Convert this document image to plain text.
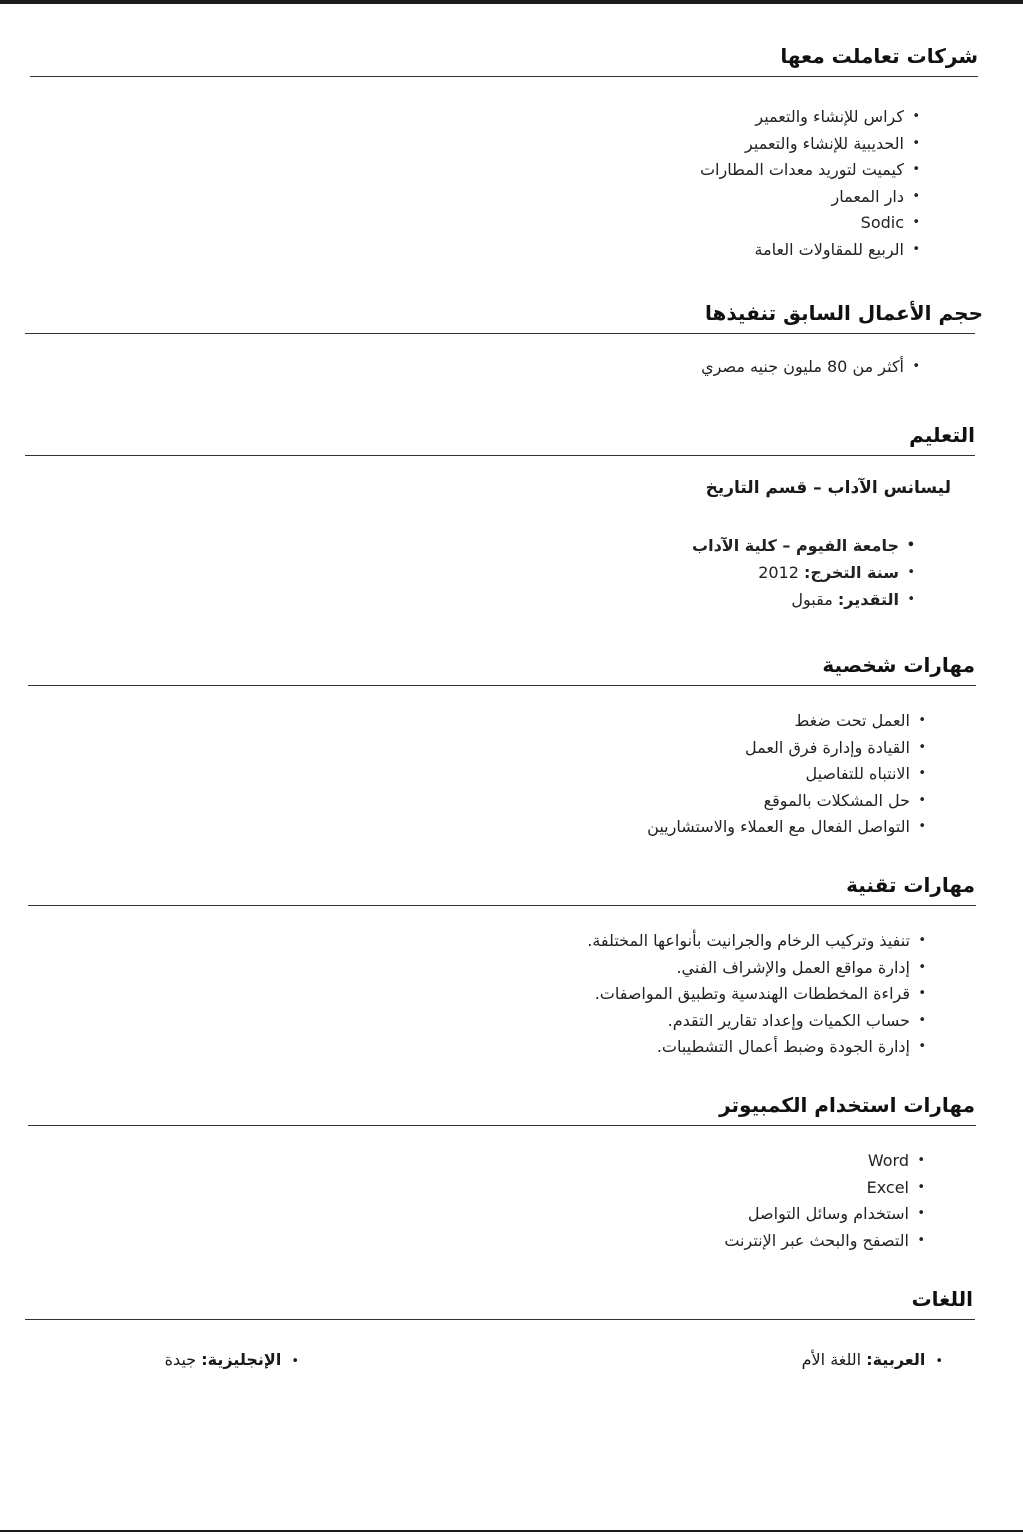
شركات تعاملت معها
• كراس للإنشاء والتعمير
• الحديبية للإنشاء والتعمير
• كيميت لتوريد معدات المطارات
• دار المعمار
• Sodic
• الربيع للمقاولات العامة
حجم الأعمال السابق تنفيذها
• أكثر من 80 مليون جنيه مصري
التعليم
ليسانس الآداب – قسم التاريخ
• جامعة الفيوم – كلية الآداب
• سنة التخرج: 2012
• التقدير: مقبول
مهارات شخصية
• العمل تحت ضغط
• القيادة وإدارة فرق العمل
• الانتباه للتفاصيل
• حل المشكلات بالموقع
• التواصل الفعال مع العملاء والاستشاريين
مهارات تقنية
• تنفيذ وتركيب الرخام والجرانيت بأنواعها المختلفة.
• إدارة مواقع العمل والإشراف الفني.
• قراءة المخططات الهندسية وتطبيق المواصفات.
• حساب الكميات وإعداد تقارير التقدم.
• إدارة الجودة وضبط أعمال التشطيبات.
مهارات استخدام الكمبيوتر
• Word
• Excel
• استخدام وسائل التواصل
• التصفح والبحث عبر الإنترنت
اللغات
•العربية: اللغة الأم
•الإنجليزية: جيدة
